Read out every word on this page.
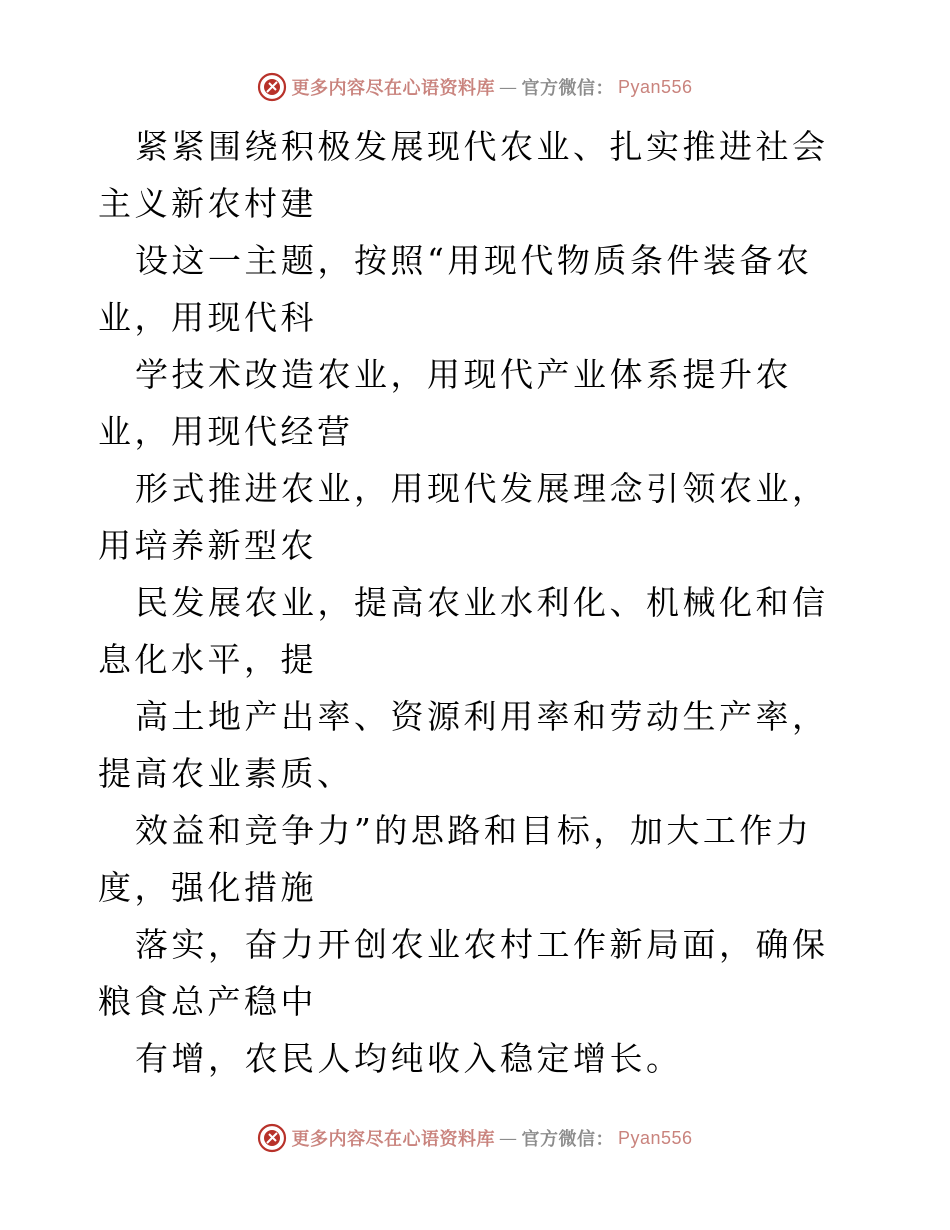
更多内容尽在心语资料库 — 官方微信： Pyan556

紧紧围绕积极发展现代农业、扎实推进社会主义新农村建

设这一主题，按照“用现代物质条件装备农业，用现代科

学技术改造农业，用现代产业体系提升农业，用现代经营

形式推进农业，用现代发展理念引领农业，用培养新型农

民发展农业，提高农业水利化、机械化和信息化水平，提

高土地产出率、资源利用率和劳动生产率，提高农业素质、

效益和竞争力”的思路和目标，加大工作力度，强化措施

落实，奋力开创农业农村工作新局面，确保粮食总产稳中

有增，农民人均纯收入稳定增长。

更多内容尽在心语资料库 — 官方微信： Pyan556
